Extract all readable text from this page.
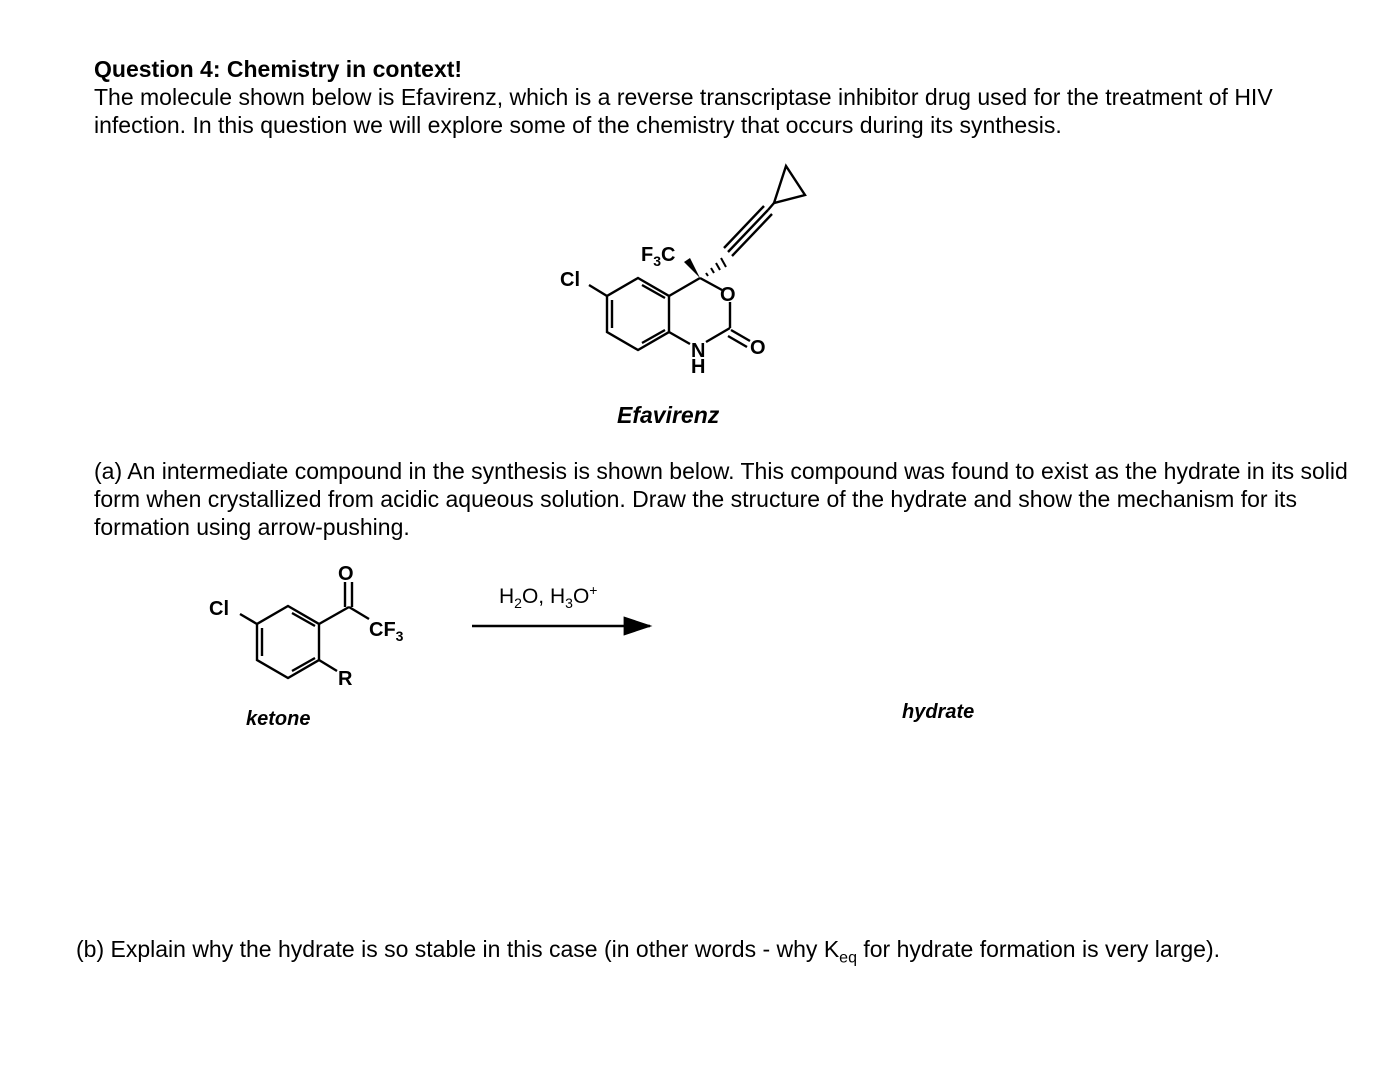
Question 4: Chemistry in context!
The molecule shown below is Efavirenz, which is a reverse transcriptase inhibitor drug used for the treatment of HIV infection. In this question we will explore some of the chemistry that occurs during its synthesis.
Cl
$F_3C$
O
O
N
H
Efavirenz
Cl
O
$CF_3$
R
ketone
$H_2O$, $H_3O^+$
hydrate
(a) An intermediate compound in the synthesis is shown below. This compound was found to exist as the hydrate in its solid form when crystallized from acidic aqueous solution. Draw the structure of the hydrate and show the mechanism for its formation using arrow-pushing.
(b) Explain why the hydrate is so stable in this case (in other words - why $K_{eq}$ for hydrate formation is very large).
